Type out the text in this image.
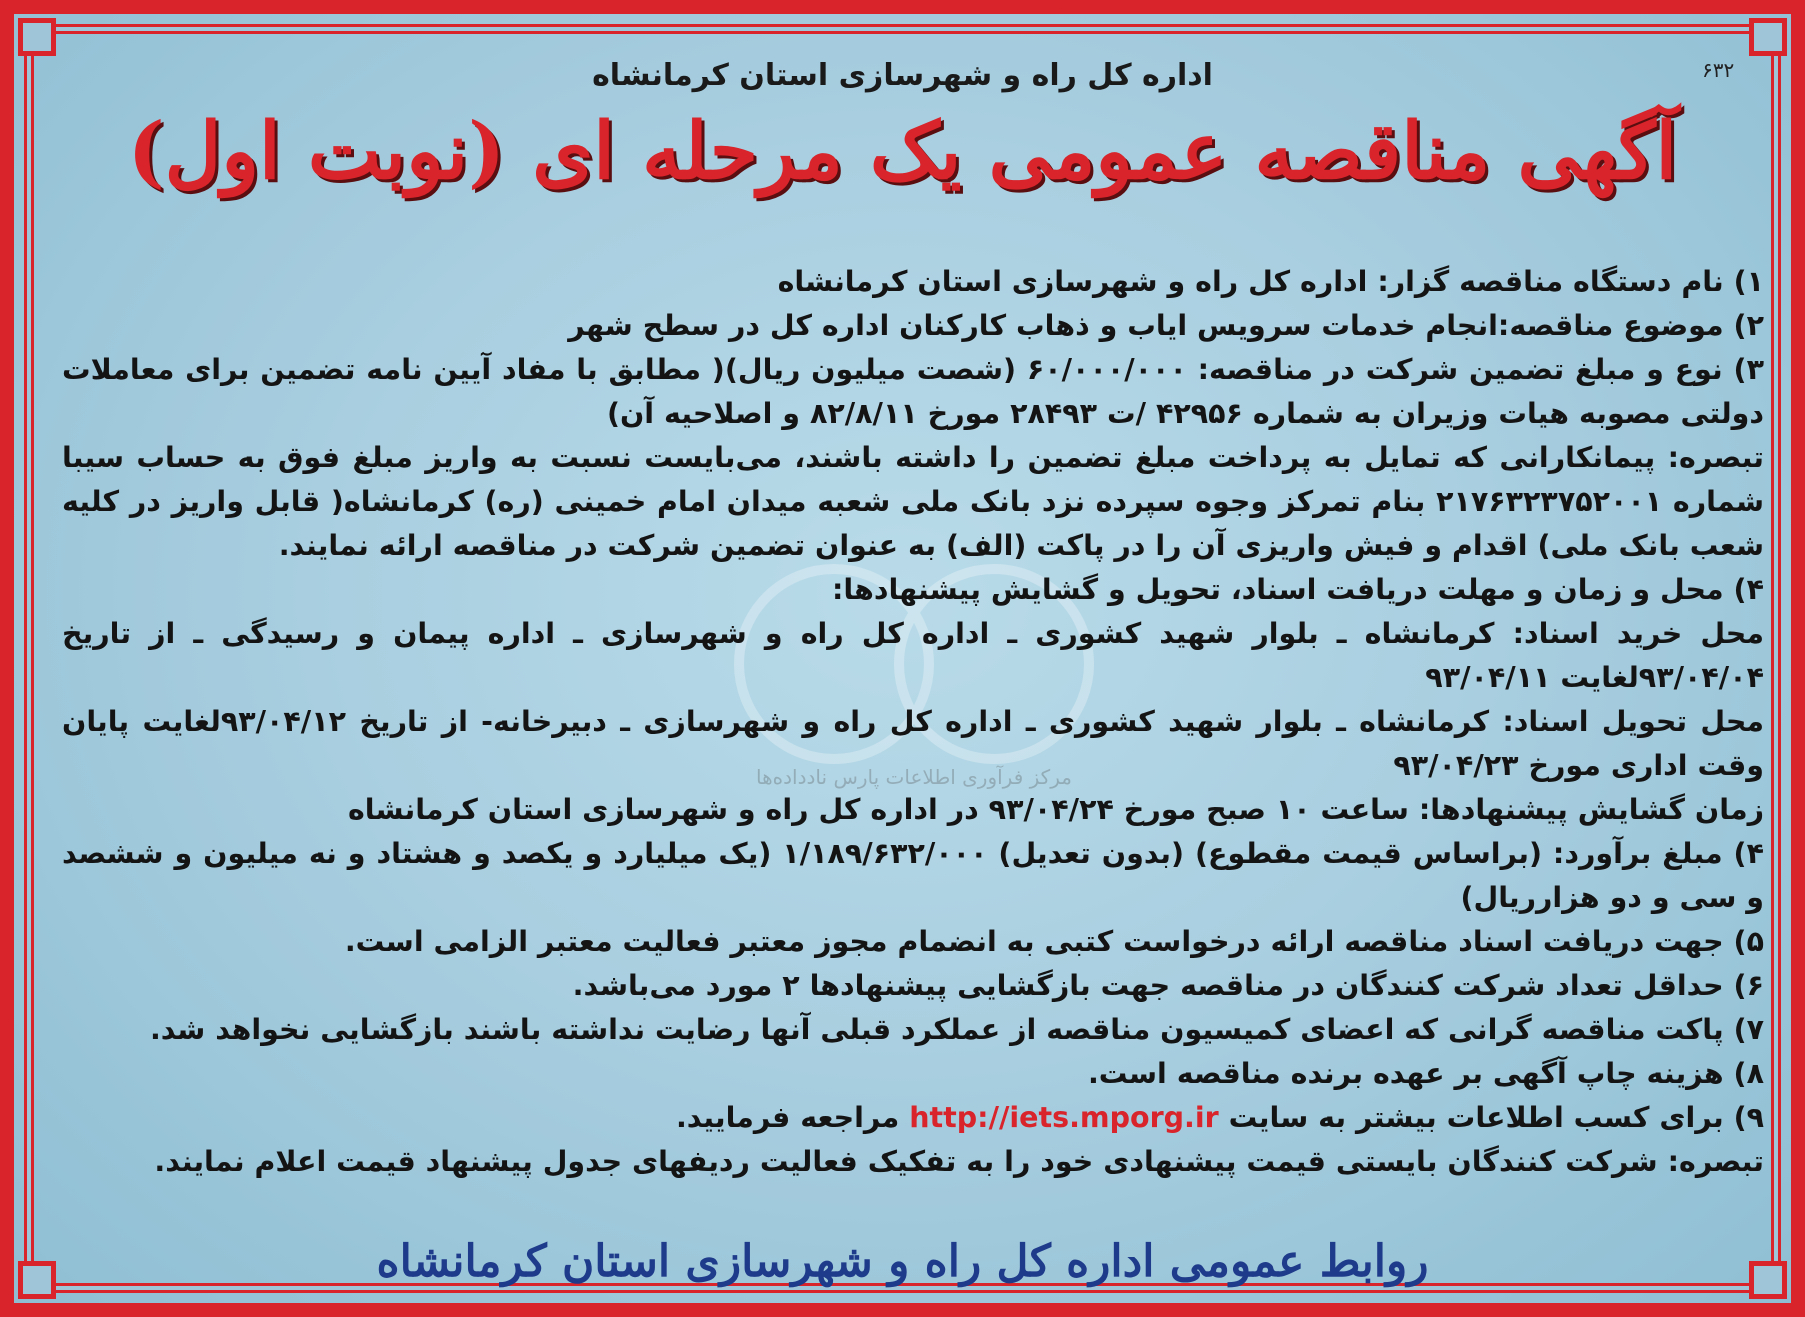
۶۳۲
اداره کل راه و شهرسازی استان کرمانشاه
آگهی مناقصه عمومی یک مرحله ای (نوبت اول)
مرکز فرآوری اطلاعات پارس نادداده‌ها

۱) نام دستگاه مناقصه گزار: اداره کل راه و شهرسازی استان کرمانشاه

۲) موضوع مناقصه:انجام خدمات سرویس ایاب و ذهاب کارکنان اداره کل در سطح شهر

۳) نوع و مبلغ تضمین شرکت در مناقصه: ۶۰/۰۰۰/۰۰۰ (شصت میلیون ریال)( مطابق با مفاد آیین نامه تضمین برای معاملات دولتی مصوبه هیات وزیران به شماره ۴۲۹۵۶ /ت ۲۸۴۹۳ مورخ ۸۲/۸/۱۱ و اصلاحیه آن)

تبصره: پیمانکارانی که تمایل به پرداخت مبلغ تضمین را داشته باشند، می‌بایست نسبت به واریز مبلغ فوق به حساب سیبا شماره ۲۱۷۶۳۲۳۷۵۲۰۰۱ بنام تمرکز وجوه سپرده نزد بانک ملی شعبه میدان امام خمینی (ره) کرمانشاه( قابل واریز در کلیه شعب بانک ملی) اقدام و فیش واریزی آن را در پاکت (الف) به عنوان تضمین شرکت در مناقصه ارائه نمایند.

۴) محل و زمان و مهلت دریافت اسناد، تحویل و گشایش پیشنهادها:

محل خرید اسناد: کرمانشاه ـ بلوار شهید کشوری ـ اداره کل راه و شهرسازی ـ اداره پیمان و رسیدگی ـ از تاریخ ۹۳/۰۴/۰۴لغایت ۹۳/۰۴/۱۱

محل تحویل اسناد: کرمانشاه ـ بلوار شهید کشوری ـ اداره کل راه و شهرسازی ـ دبیرخانه- از تاریخ ۹۳/۰۴/۱۲لغایت پایان وقت اداری مورخ ۹۳/۰۴/۲۳

زمان گشایش پیشنهادها: ساعت ۱۰ صبح مورخ ۹۳/۰۴/۲۴ در اداره کل راه و شهرسازی استان کرمانشاه

۴) مبلغ برآورد: (براساس قیمت مقطوع) (بدون تعدیل) ۱/۱۸۹/۶۳۲/۰۰۰ (یک میلیارد و یکصد و هشتاد و نه میلیون و ششصد و سی و دو هزارریال)

۵) جهت دریافت اسناد مناقصه ارائه درخواست کتبی به انضمام مجوز معتبر فعالیت معتبر الزامی است.

۶) حداقل تعداد شرکت کنندگان در مناقصه جهت بازگشایی پیشنهادها ۲ مورد می‌باشد.

۷) پاکت مناقصه گرانی که اعضای کمیسیون مناقصه از عملکرد قبلی آنها رضایت نداشته باشند بازگشایی نخواهد شد.

۸) هزینه چاپ آگهی بر عهده برنده مناقصه است.

۹) برای کسب اطلاعات بیشتر به سایت http://iets.mporg.ir مراجعه فرمایید.

تبصره: شرکت کنندگان بایستی قیمت پیشنهادی خود را به تفکیک فعالیت ردیفهای جدول پیشنهاد قیمت اعلام نمایند.

روابط عمومی اداره کل راه و شهرسازی استان کرمانشاه
